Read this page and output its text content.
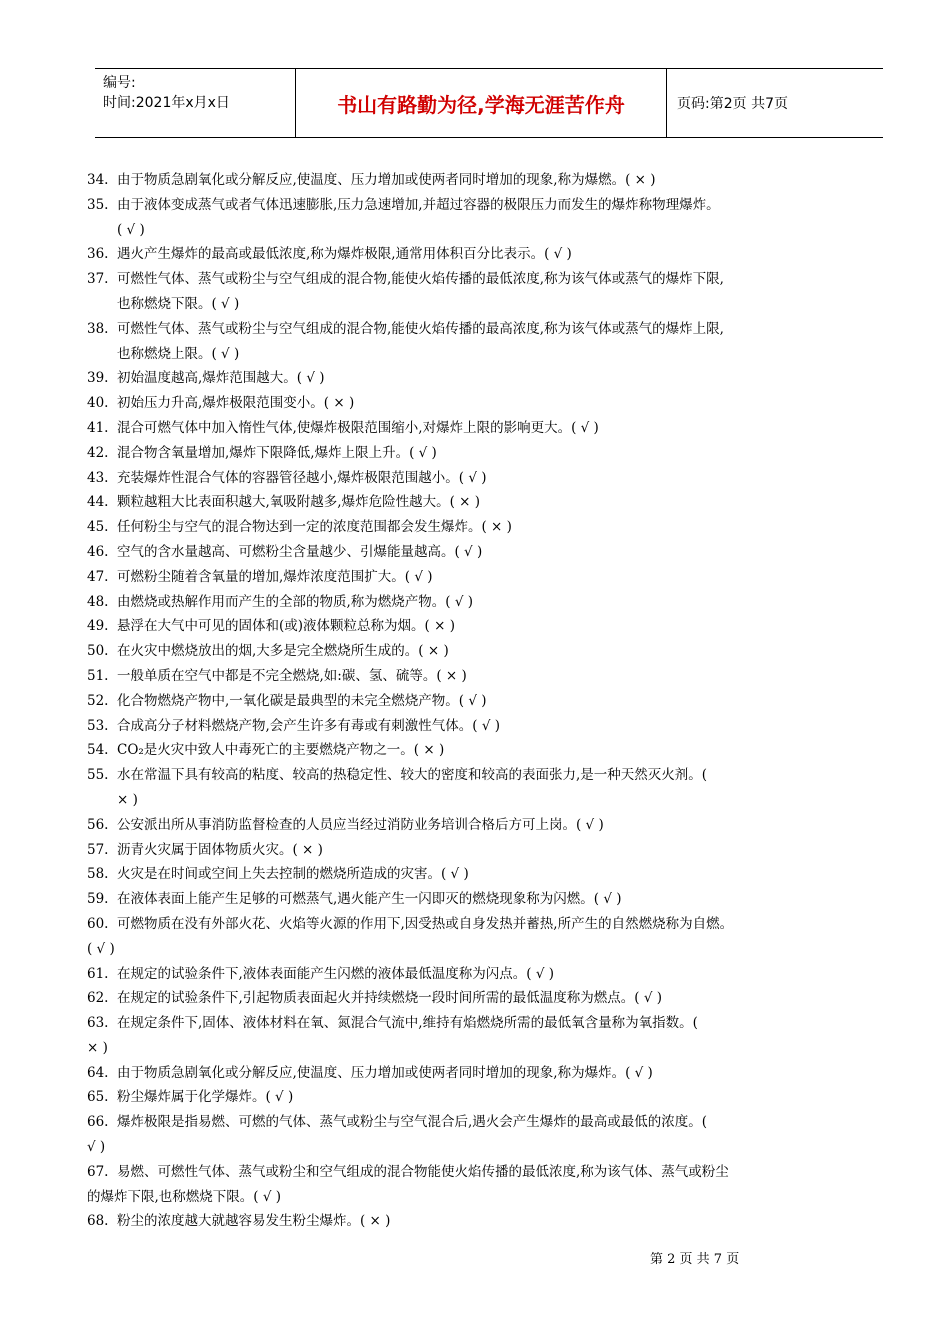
编号:
时间:2021年x月x日	书山有路勤为径,学海无涯苦作舟	页码:第2页 共7页
34. 由于物质急剧氧化或分解反应,使温度、压力增加或使两者同时增加的现象,称为爆燃。( × )
35. 由于液体变成蒸气或者气体迅速膨胀,压力急速增加,并超过容器的极限压力而发生的爆炸称物理爆炸。
( √ )
36. 遇火产生爆炸的最高或最低浓度,称为爆炸极限,通常用体积百分比表示。( √ )
37. 可燃性气体、蒸气或粉尘与空气组成的混合物,能使火焰传播的最低浓度,称为该气体或蒸气的爆炸下限,
也称燃烧下限。( √ )
38. 可燃性气体、蒸气或粉尘与空气组成的混合物,能使火焰传播的最高浓度,称为该气体或蒸气的爆炸上限,
也称燃烧上限。( √ )
39. 初始温度越高,爆炸范围越大。( √ )
40. 初始压力升高,爆炸极限范围变小。( × )
41. 混合可燃气体中加入惰性气体,使爆炸极限范围缩小,对爆炸上限的影响更大。( √ )
42. 混合物含氧量增加,爆炸下限降低,爆炸上限上升。( √ )
43. 充装爆炸性混合气体的容器管径越小,爆炸极限范围越小。( √ )
44. 颗粒越粗大比表面积越大,氧吸附越多,爆炸危险性越大。( × )
45. 任何粉尘与空气的混合物达到一定的浓度范围都会发生爆炸。( × )
46. 空气的含水量越高、可燃粉尘含量越少、引爆能量越高。( √ )
47. 可燃粉尘随着含氧量的增加,爆炸浓度范围扩大。( √ )
48. 由燃烧或热解作用而产生的全部的物质,称为燃烧产物。( √ )
49. 悬浮在大气中可见的固体和(或)液体颗粒总称为烟。( × )
50. 在火灾中燃烧放出的烟,大多是完全燃烧所生成的。( × )
51. 一般单质在空气中都是不完全燃烧,如:碳、氢、硫等。( × )
52. 化合物燃烧产物中,一氧化碳是最典型的未完全燃烧产物。( √ )
53. 合成高分子材料燃烧产物,会产生许多有毒或有刺激性气体。( √ )
54. CO₂是火灾中致人中毒死亡的主要燃烧产物之一。( × )
55. 水在常温下具有较高的粘度、较高的热稳定性、较大的密度和较高的表面张力,是一种天然灭火剂。(
× )
56. 公安派出所从事消防监督检查的人员应当经过消防业务培训合格后方可上岗。( √ )
57. 沥青火灾属于固体物质火灾。( × )
58. 火灾是在时间或空间上失去控制的燃烧所造成的灾害。( √ )
59. 在液体表面上能产生足够的可燃蒸气,遇火能产生一闪即灭的燃烧现象称为闪燃。( √ )
60. 可燃物质在没有外部火花、火焰等火源的作用下,因受热或自身发热并蓄热,所产生的自然燃烧称为自燃。
( √ )
61. 在规定的试验条件下,液体表面能产生闪燃的液体最低温度称为闪点。( √ )
62. 在规定的试验条件下,引起物质表面起火并持续燃烧一段时间所需的最低温度称为燃点。( √ )
63. 在规定条件下,固体、液体材料在氧、氮混合气流中,维持有焰燃烧所需的最低氧含量称为氧指数。(
× )
64. 由于物质急剧氧化或分解反应,使温度、压力增加或使两者同时增加的现象,称为爆炸。( √ )
65. 粉尘爆炸属于化学爆炸。( √ )
66. 爆炸极限是指易燃、可燃的气体、蒸气或粉尘与空气混合后,遇火会产生爆炸的最高或最低的浓度。(
√ )
67. 易燃、可燃性气体、蒸气或粉尘和空气组成的混合物能使火焰传播的最低浓度,称为该气体、蒸气或粉尘
的爆炸下限,也称燃烧下限。( √ )
68. 粉尘的浓度越大就越容易发生粉尘爆炸。( × )
第 2 页 共 7 页
